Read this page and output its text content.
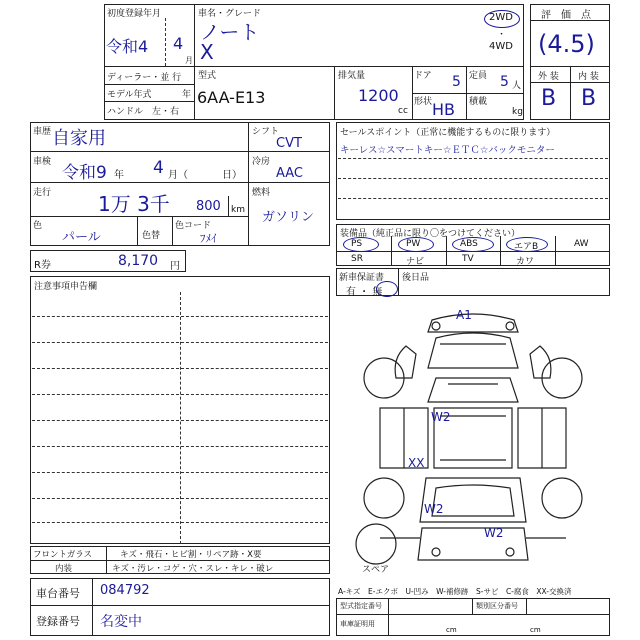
初度登録年月
令和4 4
月
車名・グレード
ノート
X
2WD
・
4WD
ディーラー・並 行
モデル年式	年
ハンドル　左・右
型式
6AA-E13
排気量
1200
cc
ドア 5
形状 HB
定員 5 人
積載
kg
評　価　点
(4.5)
外 装 内 装
B B
車歴 自家用
車検
令和9 年 4 月（	日）
走行 1万 3千 800 km
色
パール	色替
色コード
ﾌﾒｲ
シフト
CVT
冷房
AAC
燃料
ガソリン
R券	8,170 円
セールスポイント（正常に機能するものに限ります）
キーレス☆スマートキー☆ＥＴＣ☆バックモニター
装備品（純正品に限り〇をつけてください）
PS	PW	ABS	エアB	AW
SR	ナビ	TV	カワ
新車保証書
有 ・ 無
後日品
注意事項申告欄
A1
W2
XX
W2
W2
スペア
フロントガラス	キズ・飛石・ヒビ割・リペア跡・X要
内装	キズ・汚レ・コゲ・穴・スレ・キレ・破レ
車台番号 084792
登録番号 名変中
A-キズ　E-エクボ　U-凹み　W-補修跡　S-サビ　C-腐食　XX-交換済
型式指定番号	類別区分番号
車庫証明用
cm	cm
